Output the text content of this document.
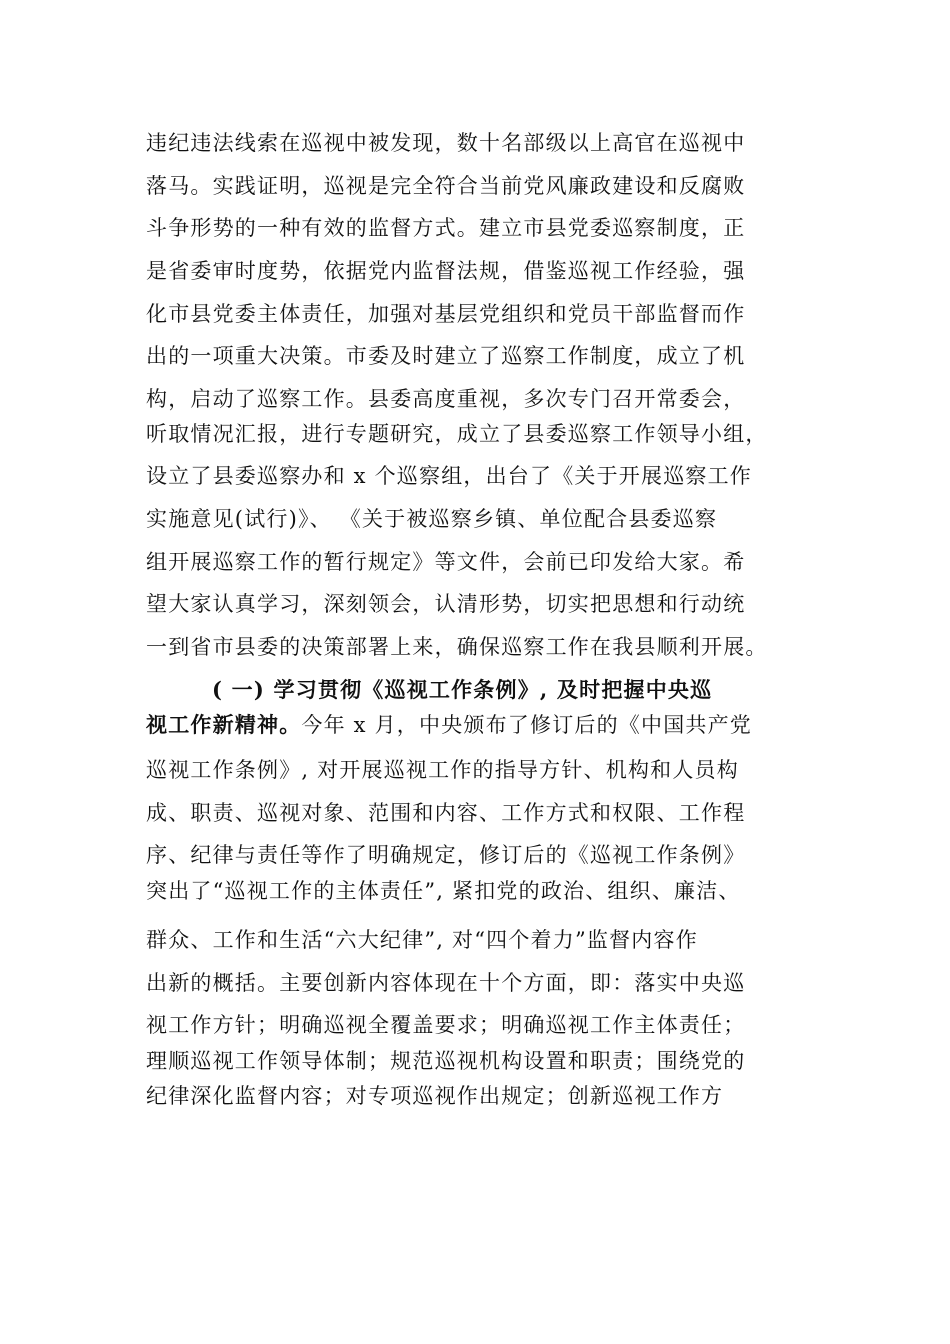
违纪违法线索在巡视中被发现，数十名部级以上高官在巡视中
落马。实践证明，巡视是完全符合当前党风廉政建设和反腐败
斗争形势的一种有效的监督方式。建立市县党委巡察制度，正
是省委审时度势，依据党内监督法规，借鉴巡视工作经验，强
化市县党委主体责任，加强对基层党组织和党员干部监督而作
出的一项重大决策。市委及时建立了巡察工作制度，成立了机
构，启动了巡察工作。县委高度重视，多次专门召开常委会，
听取情况汇报，进行专题研究，成立了县委巡察工作领导小组，
设立了县委巡察办和 x 个巡察组，出台了《关于开展巡察工作
实施意见(试行)》、 《关于被巡察乡镇、单位配合县委巡察
组开展巡察工作的暂行规定》等文件，会前已印发给大家。希
望大家认真学习，深刻领会，认清形势，切实把思想和行动统
一到省市县委的决策部署上来，确保巡察工作在我县顺利开展。
( 一) 学习贯彻《巡视工作条例》, 及时把握中央巡
视工作新精神。今年 x 月，中央颁布了修订后的《中国共产党
巡视工作条例》, 对开展巡视工作的指导方针、机构和人员构
成、职责、巡视对象、范围和内容、工作方式和权限、工作程
序、纪律与责任等作了明确规定，修订后的《巡视工作条例》
突出了“巡视工作的主体责任”, 紧扣党的政治、组织、廉洁、
群众、工作和生活“六大纪律”, 对“四个着力”监督内容作
出新的概括。主要创新内容体现在十个方面，即：落实中央巡
视工作方针；明确巡视全覆盖要求；明确巡视工作主体责任；
理顺巡视工作领导体制；规范巡视机构设置和职责；围绕党的
纪律深化监督内容；对专项巡视作出规定；创新巡视工作方
